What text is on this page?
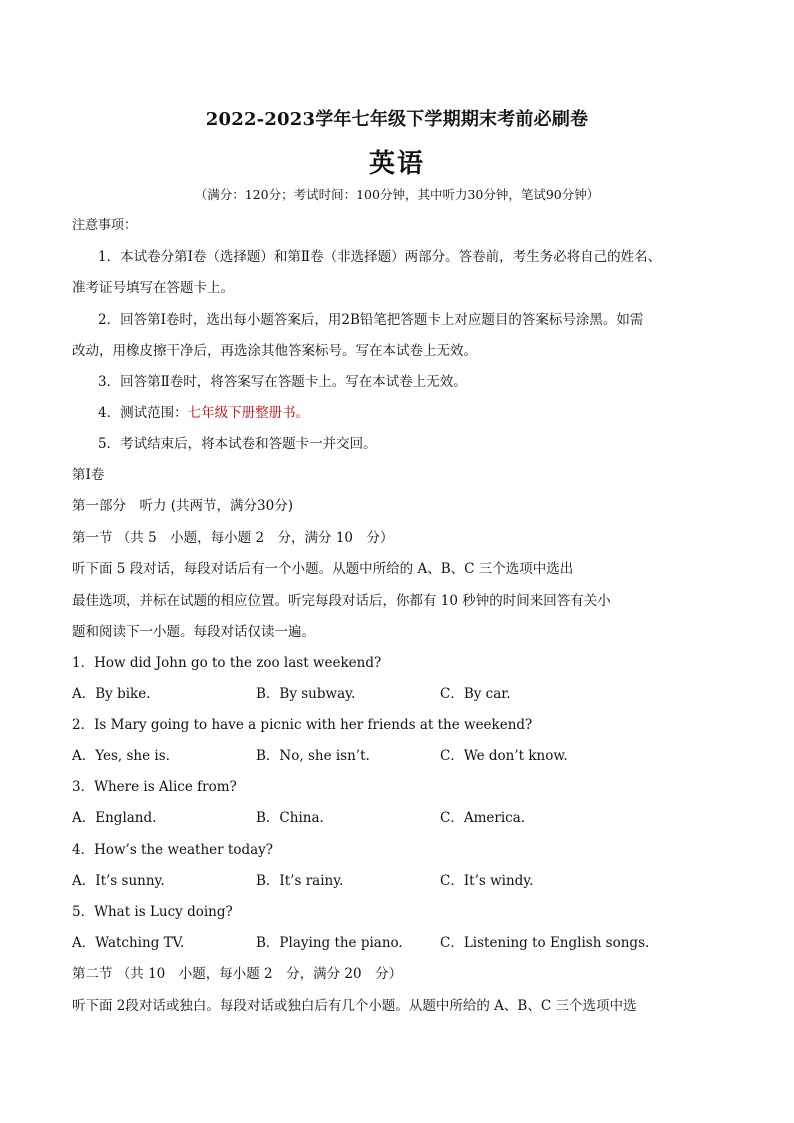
2022-2023学年七年级下学期期末考前必刷卷
英语
（满分：120分；考试时间：100分钟，其中听力30分钟，笔试90分钟）
注意事项：
1．本试卷分第Ⅰ卷（选择题）和第Ⅱ卷（非选择题）两部分。答卷前，考生务必将自己的姓名、
准考证号填写在答题卡上。
2．回答第Ⅰ卷时，选出每小题答案后，用2B铅笔把答题卡上对应题目的答案标号涂黑。如需
改动，用橡皮擦干净后，再选涂其他答案标号。写在本试卷上无效。
3．回答第Ⅱ卷时，将答案写在答题卡上。写在本试卷上无效。
4．测试范围：七年级下册整册书。
5．考试结束后，将本试卷和答题卡一并交回。
第Ⅰ卷
第一部分　听力 (共两节，满分30分)
第一节 （共 5　小题，每小题 2　分，满分 10　分）
听下面 5 段对话，每段对话后有一个小题。从题中所给的 A、B、C 三个选项中选出
最佳选项，并标在试题的相应位置。听完每段对话后，你都有 10 秒钟的时间来回答有关小
题和阅读下一小题。每段对话仅读一遍。
1．How did John go to the zoo last weekend?
A．By bike.	B．By subway.	C．By car.
2．Is Mary going to have a picnic with her friends at the weekend?
A．Yes, she is.	B．No, she isn’t.	C．We don’t know.
3．Where is Alice from?
A．England.	B．China.	C．America.
4．How’s the weather today?
A．It’s sunny.	B．It’s rainy.	C．It’s windy.
5．What is Lucy doing?
A．Watching TV.	B．Playing the piano.	C．Listening to English songs.
第二节 （共 10　小题，每小题 2　分，满分 20　分）
听下面 2段对话或独白。每段对话或独白后有几个小题。从题中所给的 A、B、C 三个选项中选
